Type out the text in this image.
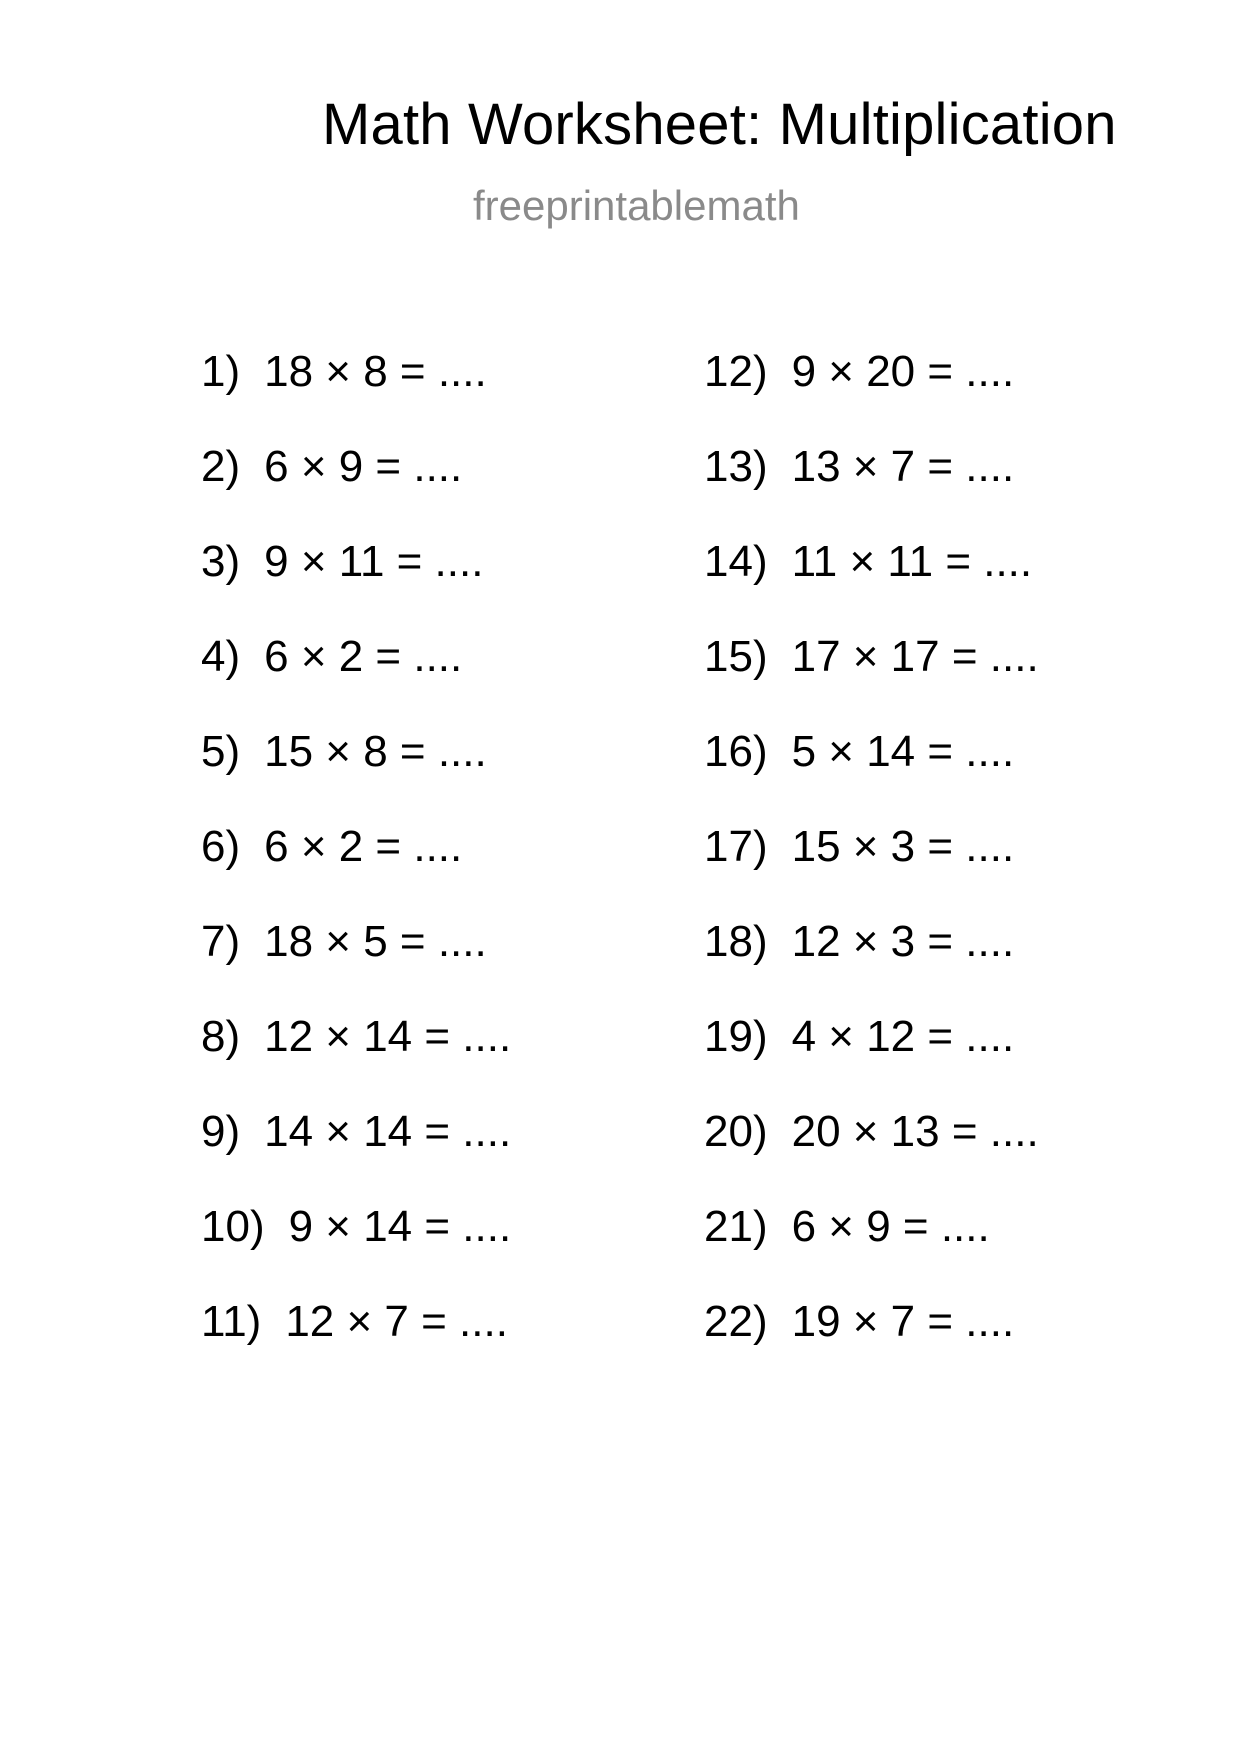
Math Worksheet: Multiplication
freeprintablemath
1) 18 × 8 = ....
2) 6 × 9 = ....
3) 9 × 11 = ....
4) 6 × 2 = ....
5) 15 × 8 = ....
6) 6 × 2 = ....
7) 18 × 5 = ....
8) 12 × 14 = ....
9) 14 × 14 = ....
10) 9 × 14 = ....
11) 12 × 7 = ....
12) 9 × 20 = ....
13) 13 × 7 = ....
14) 11 × 11 = ....
15) 17 × 17 = ....
16) 5 × 14 = ....
17) 15 × 3 = ....
18) 12 × 3 = ....
19) 4 × 12 = ....
20) 20 × 13 = ....
21) 6 × 9 = ....
22) 19 × 7 = ....
